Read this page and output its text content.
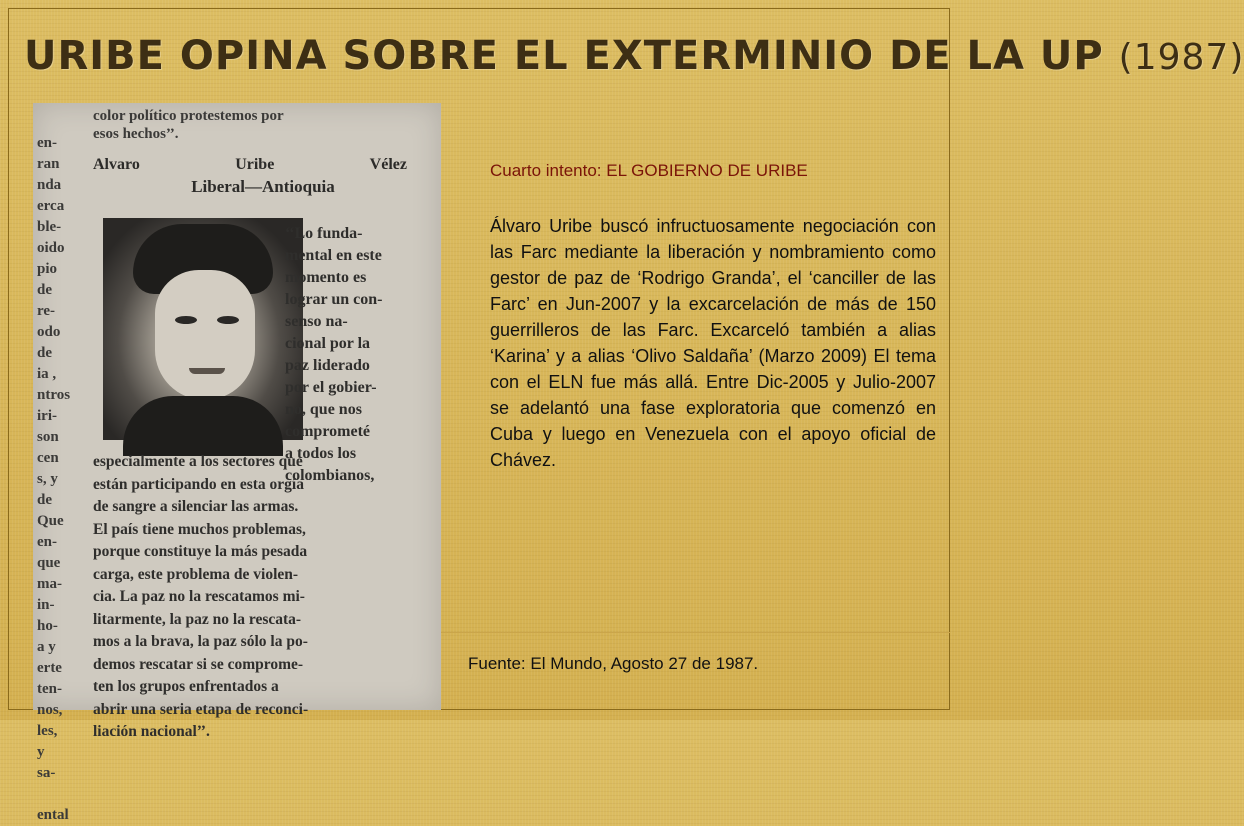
URIBE OPINA SOBRE EL EXTERMINIO DE LA UP (1987)
en-
ran
nda
erca
ble-
oido
pio
de
re-
odo
de
ia ,
ntros
iri-
son
cen
s, y
de
Que
en-
que
ma-
in-
ho-
a y
erte
ten-
nos,
les,
y
sa-
ental
color político protestemos por
esos hechos’’.
Alvaro	Uribe	Vélez
Liberal—Antioquia
‘‘Lo funda-
mental en este
momento es
lograr un con-
senso na-
cional por la
paz liderado
por el gobier-
no, que nos
comprometé
a todos los
colombianos,
especialmente a los sectores que
están participando en esta orgía
de sangre a silenciar las armas.
El país tiene muchos problemas,
porque constituye la más pesada
carga, este problema de violen-
cia. La paz no la rescatamos mi-
litarmente, la paz no la rescata-
mos a la brava, la paz sólo la po-
demos rescatar si se comprome-
ten los grupos enfrentados a
abrir una seria etapa de reconci-
liación nacional’’.
Cuarto intento: EL GOBIERNO DE URIBE
Álvaro Uribe buscó infructuosamente negociación con las Farc mediante la liberación y nombramiento como gestor de paz de ‘Rodrigo Granda’, el ‘canciller de las Farc’ en Jun-2007 y la excarcelación de más de 150 guerrilleros de las Farc. Excarceló también a alias ‘Karina’ y a alias ‘Olivo Saldaña’ (Marzo 2009) El tema con el ELN fue más allá. Entre Dic-2005 y Julio-2007 se adelantó una fase exploratoria que comenzó en Cuba y luego en Venezuela con el apoyo oficial de Chávez.
Fuente: El Mundo, Agosto 27 de 1987.
